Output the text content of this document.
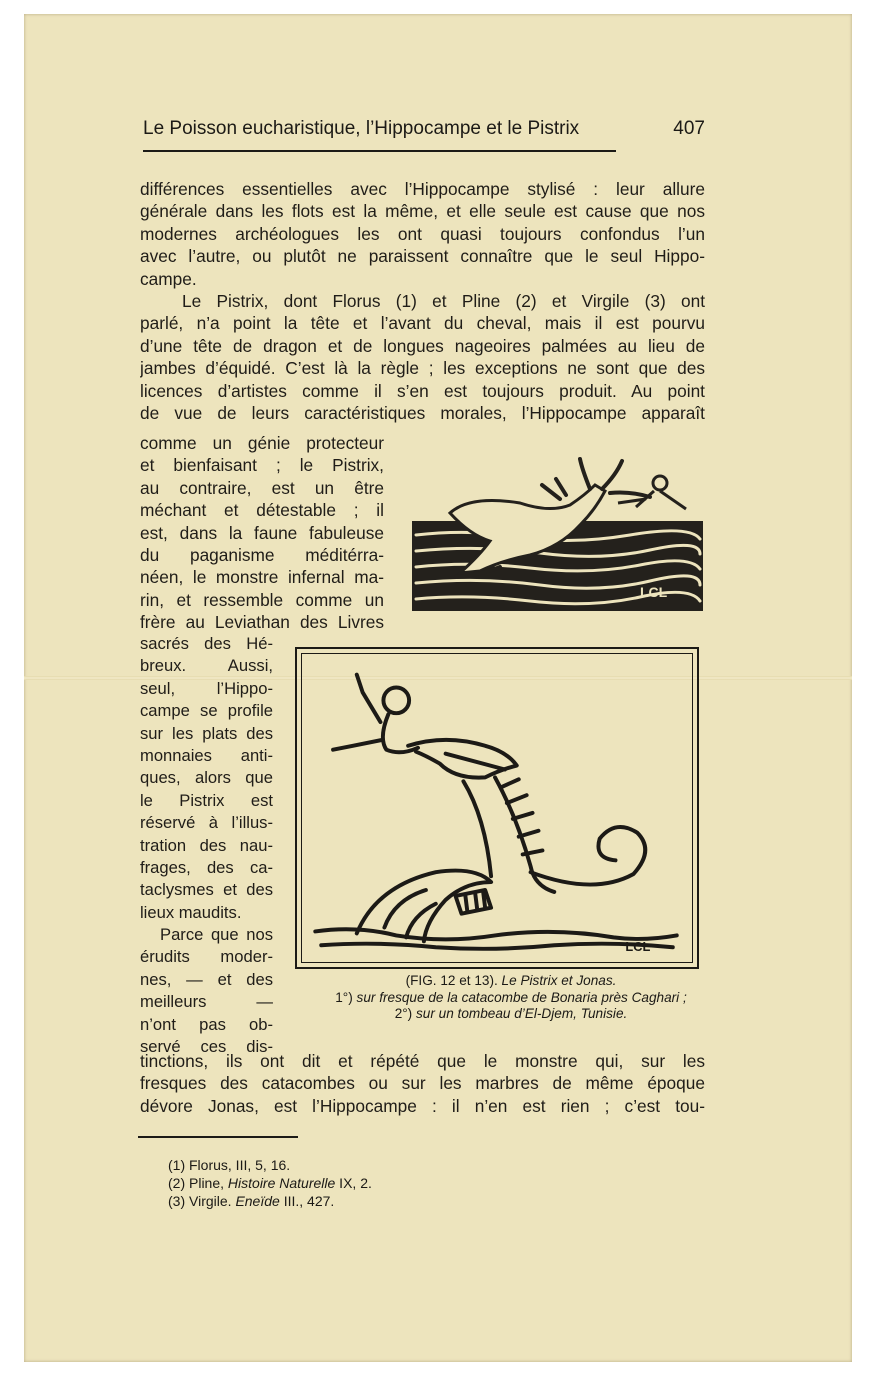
Le Poisson eucharistique, l’Hippocampe et le Pistrix	407
différences essentielles avec l’Hippocampe stylisé : leur allure
générale dans les flots est la même, et elle seule est cause que nos
modernes archéologues les ont quasi toujours confondus l’un
avec l’autre, ou plutôt ne paraissent connaître que le seul Hippo-
campe.
Le Pistrix, dont Florus (1) et Pline (2) et Virgile (3) ont
parlé, n’a point la tête et l’avant du cheval, mais il est pourvu
d’une tête de dragon et de longues nageoires palmées au lieu de
jambes d’équidé. C’est là la règle ; les exceptions ne sont que des
licences d’artistes comme il s’en est toujours produit. Au point
de vue de leurs caractéristiques morales, l’Hippocampe apparaît
comme un génie protecteur
et bienfaisant ; le Pistrix,
au contraire, est un être
méchant et détestable ; il
est, dans la faune fabuleuse
du paganisme méditérra-
néen, le monstre infernal ma-
rin, et ressemble comme un
frère au Leviathan des Livres
sacrés des Hé-
breux. Aussi,
seul, l’Hippo-
campe se profile
sur les plats des
monnaies anti-
ques, alors que
le Pistrix est
réservé à l’illus-
tration des nau-
frages, des ca-
taclysmes et des
lieux maudits.
Parce que nos
érudits moder-
nes, — et des
meilleurs —
n’ont pas ob-
servé ces dis-
tinctions, ils ont dit et répété que le monstre qui, sur les
fresques des catacombes ou sur les marbres de même époque
dévore Jonas, est l’Hippocampe : il n’en est rien ; c’est tou-
LCL
LCL
(FIG. 12 et 13). Le Pistrix et Jonas.
1°) sur fresque de la catacombe de Bonaria près Caghari ;
2°) sur un tombeau d’El-Djem, Tunisie.
(1) Florus, III, 5, 16.
(2) Pline, Histoire Naturelle IX, 2.
(3) Virgile. Eneïde III., 427.
